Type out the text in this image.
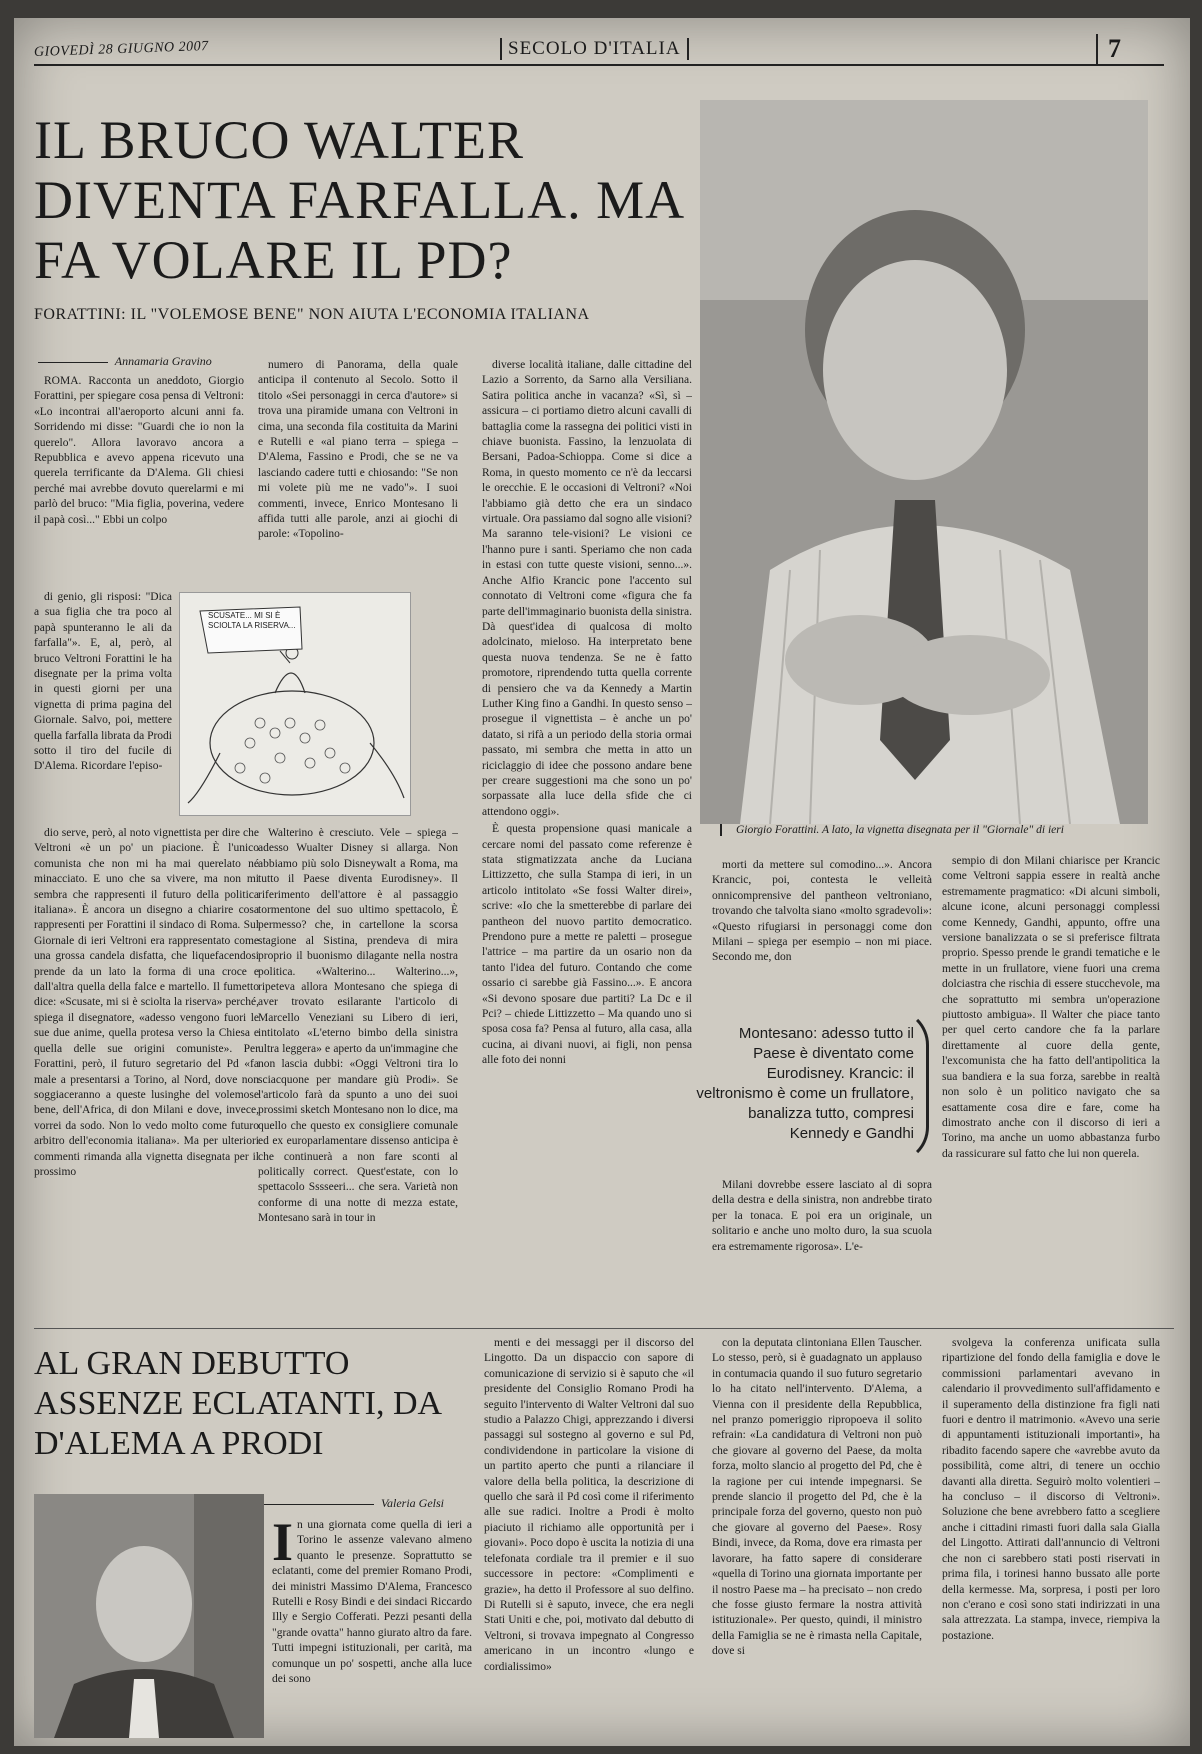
GIOVEDÌ 28 GIUGNO 2007	SECOLO D'ITALIA	7
IL BRUCO WALTER DIVENTA FARFALLA. MA FA VOLARE IL PD?
FORATTINI: IL "VOLEMOSE BENE" NON AIUTA L'ECONOMIA ITALIANA
Annamaria Gravino

ROMA. Racconta un aneddoto, Giorgio Forattini, per spiegare cosa pensa di Veltroni: «Lo incontrai all'aeroporto alcuni anni fa. Sorridendo mi disse: "Guardi che io non la querelo". Allora lavoravo ancora a Repubblica e avevo appena ricevuto una querela terrificante da D'Alema. Gli chiesi perché mai avrebbe dovuto querelarmi e mi parlò del bruco: "Mia figlia, poverina, vedere il papà così..." Ebbi un colpo

di genio, gli risposi: "Dica a sua figlia che tra poco al papà spunteranno le ali da farfalla"». E, al, però, al bruco Veltroni Forattini le ha disegnate per la prima volta in questi giorni per una vignetta di prima pagina del Giornale. Salvo, poi, mettere quella farfalla librata da Prodi sotto il tiro del fucile di D'Alema. Ricordare l'episo-

dio serve, però, al noto vignettista per dire che Veltroni «è un po' un piacione. È l'unico comunista che non mi ha mai querelato né minacciato. E uno che sa vivere, ma non mi sembra che rappresenti il futuro della politica italiana». È ancora un disegno a chiarire cosa rappresenti per Forattini il sindaco di Roma. Sul Giornale di ieri Veltroni era rappresentato come una grossa candela disfatta, che liquefacendosi prende da un lato la forma di una croce e dall'altra quella della falce e martello. Il fumetto dice: «Scusate, mi si è sciolta la riserva» perché, spiega il disegnatore, «adesso vengono fuori le sue due anime, quella protesa verso la Chiesa e quella delle sue origini comuniste». Per Forattini, però, il futuro segretario del Pd «fa male a presentarsi a Torino, al Nord, dove non soggiaceranno a queste lusinghe del volemose bene, dell'Africa, di don Milani e dove, invece, vorrei da sodo. Non lo vedo molto come futuro arbitro dell'economia italiana». Ma per ulteriori commenti rimanda alla vignetta disegnata per il prossimo

numero di Panorama, della quale anticipa il contenuto al Secolo. Sotto il titolo «Sei personaggi in cerca d'autore» si trova una piramide umana con Veltroni in cima, una seconda fila costituita da Marini e Rutelli e «al piano terra – spiega – D'Alema, Fassino e Prodi, che se ne va lasciando cadere tutti e chiosando: "Se non mi volete più me ne vado"». I suoi commenti, invece, Enrico Montesano li affida tutti alle parole, anzi ai giochi di parole: «Topolino-

Walterino è cresciuto. Vele – spiega – adesso Wualter Disney si allarga. Non abbiamo più solo Disneywalt a Roma, ma tutto il Paese diventa Eurodisney». Il riferimento dell'attore è al passaggio tormentone del suo ultimo spettacolo, È permesso? che, in cartellone la scorsa stagione al Sistina, prendeva di mira proprio il buonismo dilagante nella nostra politica. «Walterino... Walterino...», ripeteva allora Montesano che spiega di aver trovato esilarante l'articolo di Marcello Veneziani su Libero di ieri, intitolato «L'eterno bimbo della sinistra ultra leggera» e aperto da un'immagine che non lascia dubbi: «Oggi Veltroni tira lo sciacquone per mandare giù Prodi». Se l'articolo farà da spunto a uno dei suoi prossimi sketch Montesano non lo dice, ma quello che questo ex consigliere comunale ed ex europarlamentare dissenso anticipa è che continuerà a non fare sconti al politically correct. Quest'estate, con lo spettacolo Sssseeri... che sera. Varietà non conforme di una notte di mezza estate, Montesano sarà in tour in

SCUSATE... MI SI È SCIOLTA LA RISERVA...

diverse località italiane, dalle cittadine del Lazio a Sorrento, da Sarno alla Versiliana. Satira politica anche in vacanza? «Sì, sì – assicura – ci portiamo dietro alcuni cavalli di battaglia come la rassegna dei politici visti in chiave buonista. Fassino, la lenzuolata di Bersani, Padoa-Schioppa. Come si dice a Roma, in questo momento ce n'è da leccarsi le orecchie. E le occasioni di Veltroni? «Noi l'abbiamo già detto che era un sindaco virtuale. Ora passiamo dal sogno alle visioni? Ma saranno tele-visioni? Le visioni ce l'hanno pure i santi. Speriamo che non cada in estasi con tutte queste visioni, senno...». Anche Alfio Krancic pone l'accento sul connotato di Veltroni come «figura che fa parte dell'immaginario buonista della sinistra. Dà quest'idea di qualcosa di molto adolcinato, mieloso. Ha interpretato bene questa nuova tendenza. Se ne è fatto promotore, riprendendo tutta quella corrente di pensiero che va da Kennedy a Martin Luther King fino a Gandhi. In questo senso – prosegue il vignettista – è anche un po' datato, si rifà a un periodo della storia ormai passato, mi sembra che metta in atto un riciclaggio di idee che possono andare bene per creare suggestioni ma che sono un po' sorpassate alla luce della sfide che ci attendono oggi».

È questa propensione quasi manicale a cercare nomi del passato come referenze è stata stigmatizzata anche da Luciana Littizzetto, che sulla Stampa di ieri, in un articolo intitolato «Se fossi Walter direi», scrive: «Io che la smetterebbe di parlare dei pantheon del nuovo partito democratico. Prendono pure a mette re paletti – prosegue l'attrice – ma partire da un osario non da tanto l'idea del futuro. Contando che come ossario ci sarebbe già Fassino...». E ancora «Si devono sposare due partiti? La Dc e il Pci? – chiede Littizzetto – Ma quando uno si sposa cosa fa? Pensa al futuro, alla casa, alla cucina, ai divani nuovi, ai figli, non pensa alle foto dei nonni

Giorgio Forattini. A lato, la vignetta disegnata per il "Giornale" di ieri

morti da mettere sul comodino...». Ancora Krancic, poi, contesta le velleità onnicomprensive del pantheon veltroniano, trovando che talvolta siano «molto sgradevoli»: «Questo rifugiarsi in personaggi come don Milani – spiega per esempio – non mi piace. Secondo me, don

Montesano: adesso tutto il Paese è diventato come Eurodisney. Krancic: il veltronismo è come un frullatore, banalizza tutto, compresi Kennedy e Gandhi

Milani dovrebbe essere lasciato al di sopra della destra e della sinistra, non andrebbe tirato per la tonaca. E poi era un originale, un solitario e anche uno molto duro, la sua scuola era estremamente rigorosa». L'e-

sempio di don Milani chiarisce per Krancic come Veltroni sappia essere in realtà anche estremamente pragmatico: «Di alcuni simboli, alcune icone, alcuni personaggi complessi come Kennedy, Gandhi, appunto, offre una versione banalizzata o se si preferisce filtrata proprio. Spesso prende le grandi tematiche e le mette in un frullatore, viene fuori una crema dolciastra che rischia di essere stucchevole, ma che soprattutto mi sembra un'operazione piuttosto ambigua». Il Walter che piace tanto per quel certo candore che fa la parlare direttamente al cuore della gente, l'excomunista che ha fatto dell'antipolitica la sua bandiera e la sua forza, sarebbe in realtà non solo è un politico navigato che sa esattamente cosa dire e fare, come ha dimostrato anche con il discorso di ieri a Torino, ma anche un uomo abbastanza furbo da rassicurare sul fatto che lui non querela.

AL GRAN DEBUTTO ASSENZE ECLATANTI, DA D'ALEMA A PRODI
Valeria Gelsi
I n una giornata come quella di ieri a Torino le assenze valevano almeno quanto le presenze. Soprattutto se eclatanti, come del premier Romano Prodi, dei ministri Massimo D'Alema, Francesco Rutelli e Rosy Bindi e dei sindaci Riccardo Illy e Sergio Cofferati. Pezzi pesanti della "grande ovatta" hanno giurato altro da fare. Tutti impegni istituzionali, per carità, ma comunque un po' sospetti, anche alla luce dei sono

menti e dei messaggi per il discorso del Lingotto. Da un dispaccio con sapore di comunicazione di servizio si è saputo che «il presidente del Consiglio Romano Prodi ha seguito l'intervento di Walter Veltroni dal suo studio a Palazzo Chigi, apprezzando i diversi passaggi sul sostegno al governo e sul Pd, condividendone in particolare la visione di un partito aperto che punti a rilanciare il valore della bella politica, la descrizione di quello che sarà il Pd così come il riferimento alle sue radici. Inoltre a Prodi è molto piaciuto il richiamo alle opportunità per i giovani». Poco dopo è uscita la notizia di una telefonata cordiale tra il premier e il suo successore in pectore: «Complimenti e grazie», ha detto il Professore al suo delfino. Di Rutelli si è saputo, invece, che era negli Stati Uniti e che, poi, motivato dal debutto di Veltroni, si trovava impegnato al Congresso americano in un incontro «lungo e cordialissimo»

con la deputata clintoniana Ellen Tauscher. Lo stesso, però, si è guadagnato un applauso in contumacia quando il suo futuro segretario lo ha citato nell'intervento. D'Alema, a Vienna con il presidente della Repubblica, nel pranzo pomeriggio ripropoeva il solito refrain: «La candidatura di Veltroni non può che giovare al governo del Paese, da molta forza, molto slancio al progetto del Pd, che è la ragione per cui intende impegnarsi. Se prende slancio il progetto del Pd, che è la principale forza del governo, questo non può che giovare al governo del Paese». Rosy Bindi, invece, da Roma, dove era rimasta per lavorare, ha fatto sapere di considerare «quella di Torino una giornata importante per il nostro Paese ma – ha precisato – non credo che fosse giusto fermare la nostra attività istituzionale». Per questo, quindi, il ministro della Famiglia se ne è rimasta nella Capitale, dove si

svolgeva la conferenza unificata sulla ripartizione del fondo della famiglia e dove le commissioni parlamentari avevano in calendario il provvedimento sull'affidamento e il superamento della distinzione fra figli nati fuori e dentro il matrimonio. «Avevo una serie di appuntamenti istituzionali importanti», ha ribadito facendo sapere che «avrebbe avuto da possibilità, come altri, di tenere un occhio davanti alla diretta. Seguirò molto volentieri – ha concluso – il discorso di Veltroni». Soluzione che bene avrebbero fatto a scegliere anche i cittadini rimasti fuori dalla sala Gialla del Lingotto. Attirati dall'annuncio di Veltroni che non ci sarebbero stati posti riservati in prima fila, i torinesi hanno bussato alle porte della kermesse. Ma, sorpresa, i posti per loro non c'erano e così sono stati indirizzati in una sala attrezzata. La stampa, invece, riempiva la postazione.
